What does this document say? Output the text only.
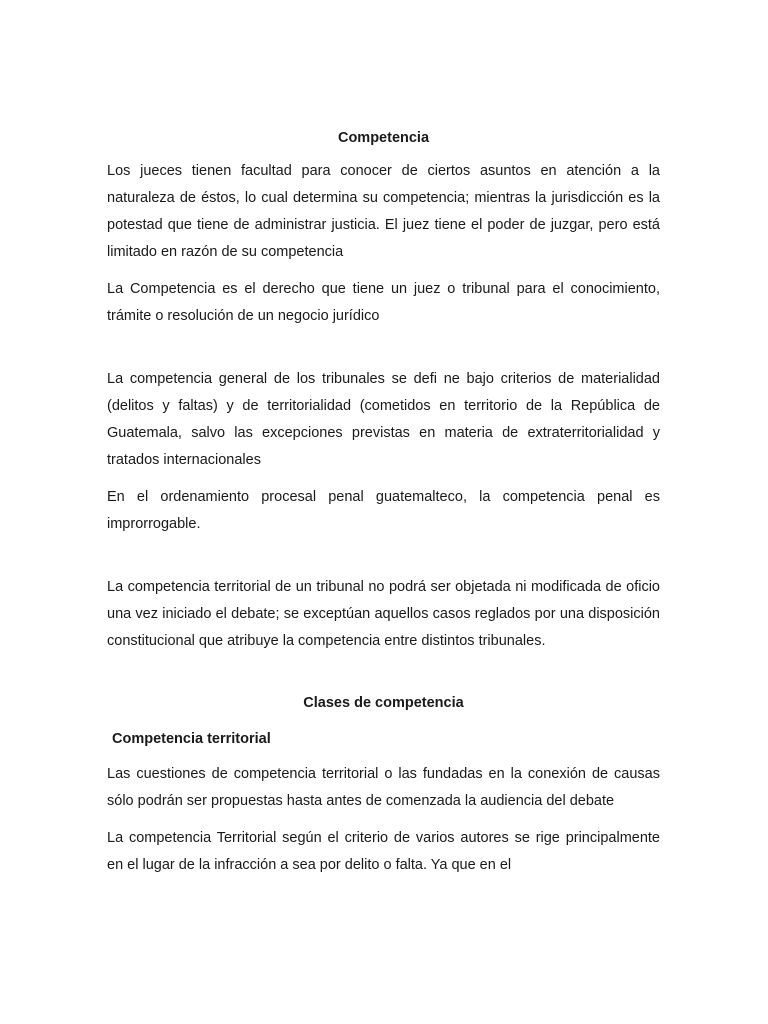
Competencia

Los jueces tienen facultad para conocer de ciertos asuntos en atención a la naturaleza de éstos, lo cual determina su competencia; mientras la jurisdicción es la potestad que tiene de administrar justicia. El juez tiene el poder de juzgar, pero está limitado en razón de su competencia

La Competencia es el derecho que tiene un juez o tribunal para el conocimiento, trámite o resolución de un negocio jurídico

La competencia general de los tribunales se defi ne bajo criterios de materialidad (delitos y faltas) y de territorialidad (cometidos en territorio de la República de Guatemala, salvo las excepciones previstas en materia de extraterritorialidad y tratados internacionales

En el ordenamiento procesal penal guatemalteco, la competencia penal es improrrogable.

La competencia territorial de un tribunal no podrá ser objetada ni modificada de oficio una vez iniciado el debate; se exceptúan aquellos casos reglados por una disposición constitucional que atribuye la competencia entre distintos tribunales.

Clases de competencia
Competencia territorial

Las cuestiones de competencia territorial o las fundadas en la conexión de causas sólo podrán ser propuestas hasta antes de comenzada la audiencia del debate

La competencia Territorial según el criterio de varios autores se rige principalmente en el lugar de la infracción a sea por delito o falta. Ya que en el
